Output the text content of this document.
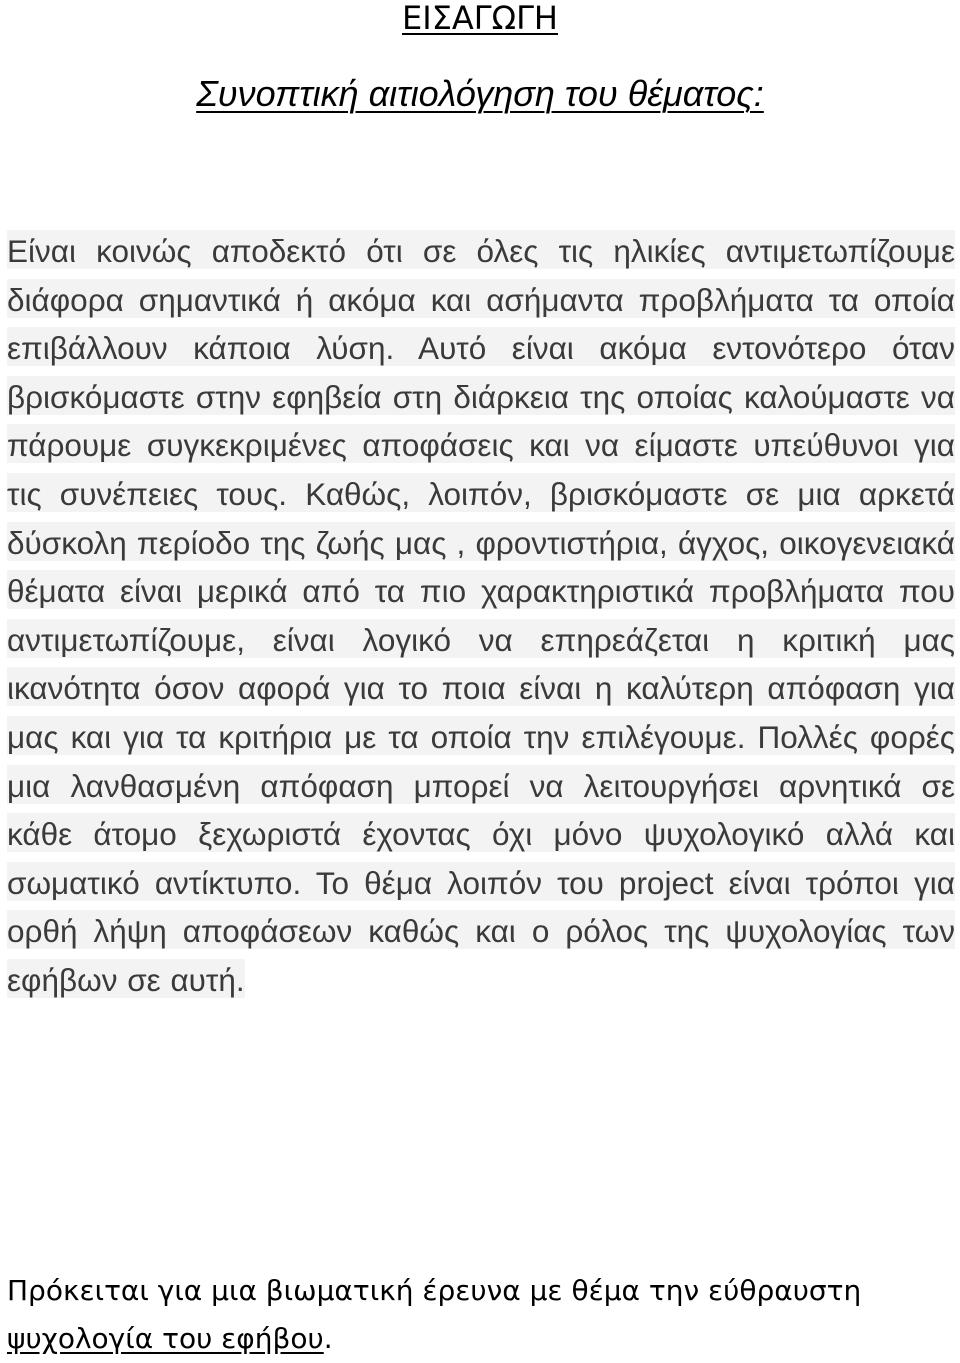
ΕΙΣΑΓΩΓΗ
Συνοπτική αιτιολόγηση του θέματος:

Είναι κοινώς αποδεκτό ότι σε όλες τις ηλικίες αντιμετωπίζουμε διάφορα σημαντικά ή ακόμα και ασήμαντα προβλήματα τα οποία επιβάλλουν κάποια λύση. Αυτό είναι ακόμα εντονότερο όταν βρισκόμαστε στην εφηβεία στη διάρκεια της οποίας καλούμαστε να πάρουμε συγκεκριμένες αποφάσεις και να είμαστε υπεύθυνοι για τις συνέπειες τους. Καθώς, λοιπόν, βρισκόμαστε σε μια αρκετά δύσκολη περίοδο της ζωής μας , φροντιστήρια, άγχος, οικογενειακά θέματα είναι μερικά από τα πιο χαρακτηριστικά προβλήματα που αντιμετωπίζουμε, είναι λογικό να επηρεάζεται η κριτική μας ικανότητα όσον αφορά για το ποια είναι η καλύτερη απόφαση για μας και για τα κριτήρια με τα οποία την επιλέγουμε. Πολλές φορές μια λανθασμένη απόφαση μπορεί να λειτουργήσει αρνητικά σε κάθε άτομο ξεχωριστά έχοντας όχι μόνο ψυχολογικό αλλά και σωματικό αντίκτυπο. Το θέμα λοιπόν του project είναι τρόποι για ορθή λήψη αποφάσεων καθώς και ο ρόλος της ψυχολογίας των εφήβων σε αυτή.

Πρόκειται για μια βιωματική έρευνα με θέμα την εύθραυστη ψυχολογία του εφήβου.
